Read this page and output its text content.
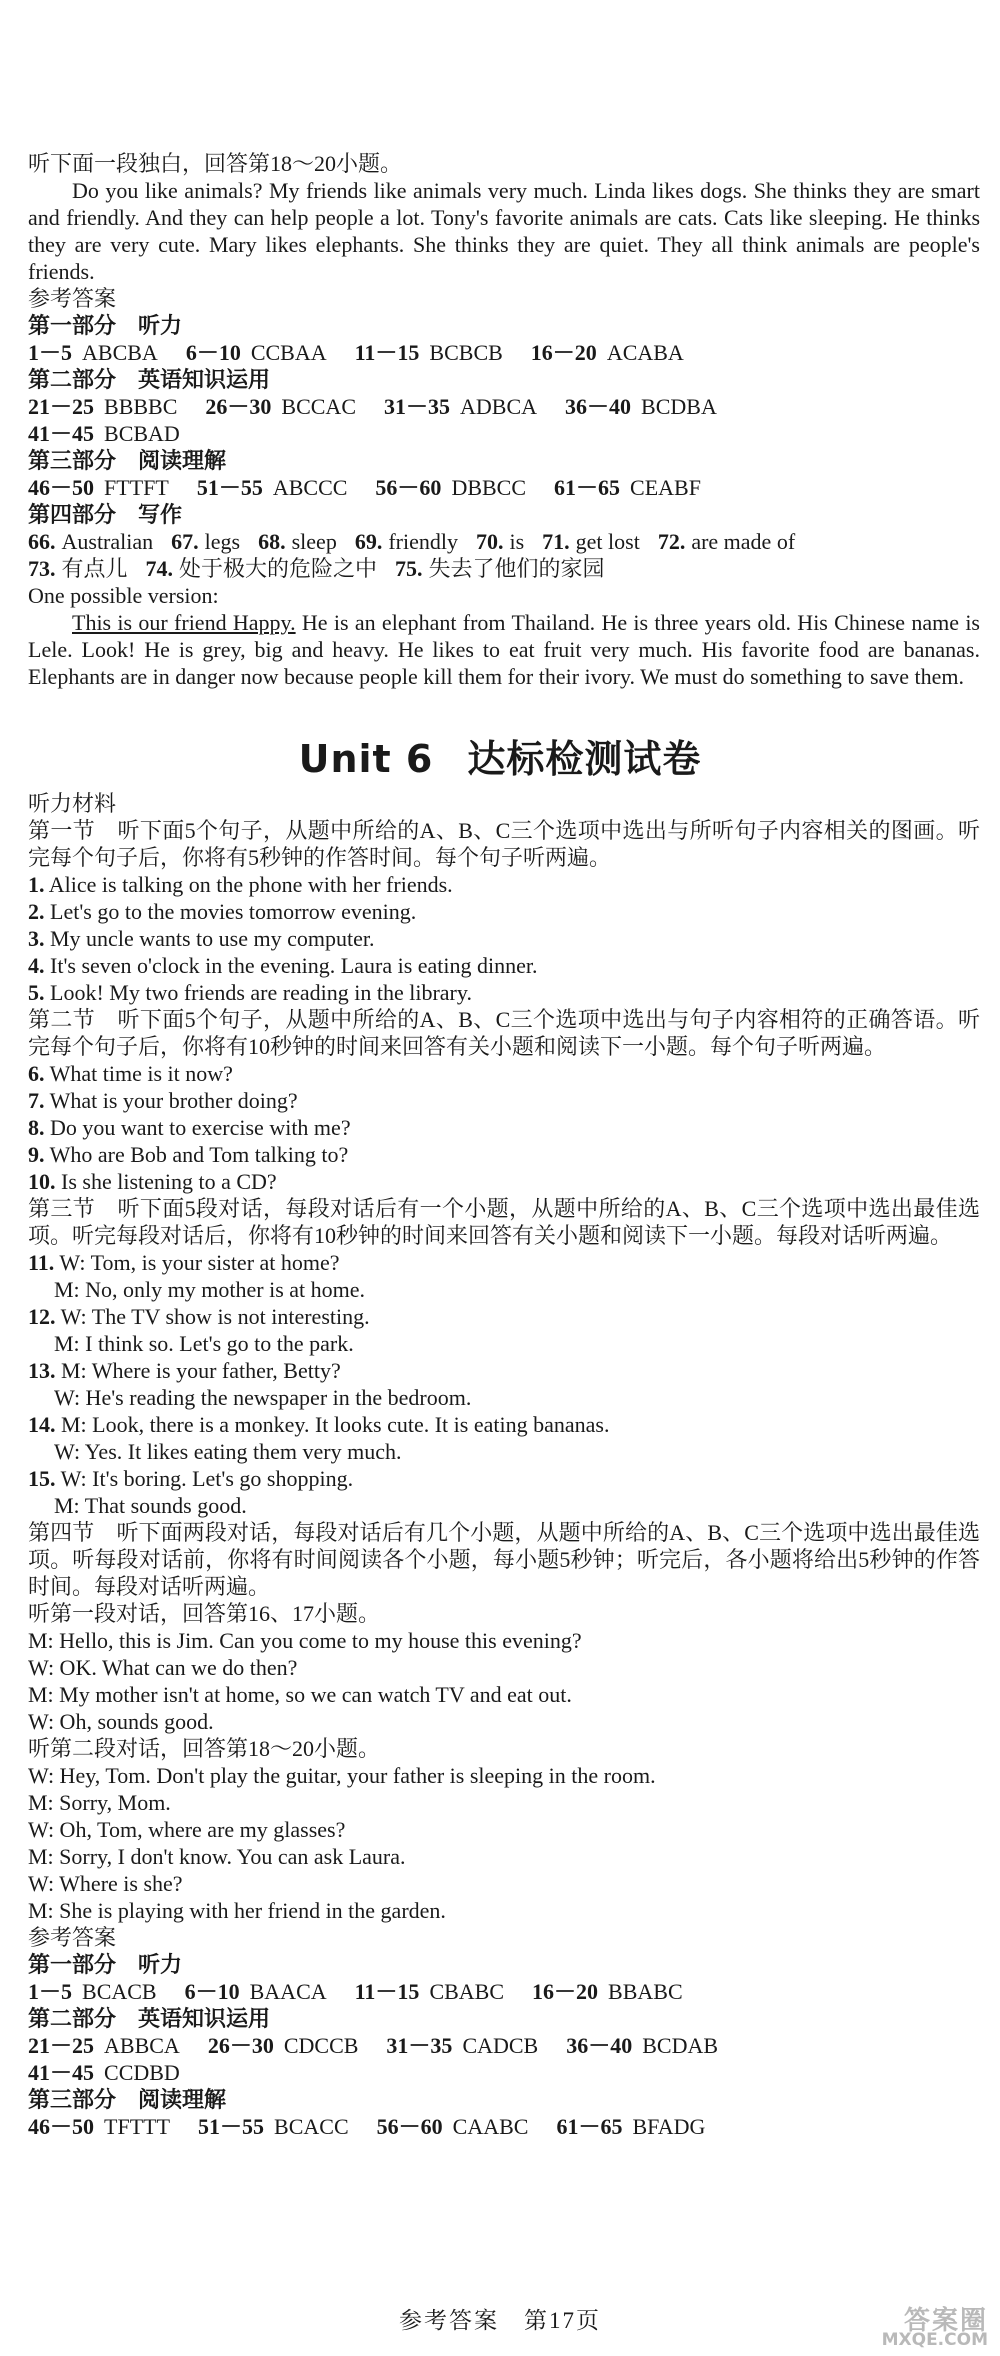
听下面一段独白，回答第18～20小题。
Do you like animals? My friends like animals very much. Linda likes dogs. She thinks they are smart and friendly. And they can help people a lot. Tony's favorite animals are cats. Cats like sleeping. He thinks they are very cute. Mary likes elephants. She thinks they are quiet. They all think animals are people's friends.
参考答案
第一部分　听力
1－5 ABCBA 6－10 CCBAA 11－15 BCBCB 16－20 ACABA
第二部分　英语知识运用
21－25 BBBBC 26－30 BCCAC 31－35 ADBCA 36－40 BCDBA
41－45 BCBAD
第三部分　阅读理解
46－50 FTTFT 51－55 ABCCC 56－60 DBBCC 61－65 CEABF
第四部分　写作
66. Australian 67. legs 68. sleep 69. friendly 70. is 71. get lost 72. are made of
73. 有点儿 74. 处于极大的危险之中 75. 失去了他们的家园
One possible version:
This is our friend Happy. He is an elephant from Thailand. He is three years old. His Chinese name is Lele. Look! He is grey, big and heavy. He likes to eat fruit very much. His favorite food are bananas. Elephants are in danger now because people kill them for their ivory. We must do something to save them.
Unit 6 达标检测试卷
听力材料
第一节　听下面5个句子，从题中所给的A、B、C三个选项中选出与所听句子内容相关的图画。听完每个句子后，你将有5秒钟的作答时间。每个句子听两遍。
1. Alice is talking on the phone with her friends.
2. Let's go to the movies tomorrow evening.
3. My uncle wants to use my computer.
4. It's seven o'clock in the evening. Laura is eating dinner.
5. Look! My two friends are reading in the library.
第二节　听下面5个句子，从题中所给的A、B、C三个选项中选出与句子内容相符的正确答语。听完每个句子后，你将有10秒钟的时间来回答有关小题和阅读下一小题。每个句子听两遍。
6. What time is it now?
7. What is your brother doing?
8. Do you want to exercise with me?
9. Who are Bob and Tom talking to?
10. Is she listening to a CD?
第三节　听下面5段对话，每段对话后有一个小题，从题中所给的A、B、C三个选项中选出最佳选项。听完每段对话后，你将有10秒钟的时间来回答有关小题和阅读下一小题。每段对话听两遍。
11. W: Tom, is your sister at home?
M: No, only my mother is at home.
12. W: The TV show is not interesting.
M: I think so. Let's go to the park.
13. M: Where is your father, Betty?
W: He's reading the newspaper in the bedroom.
14. M: Look, there is a monkey. It looks cute. It is eating bananas.
W: Yes. It likes eating them very much.
15. W: It's boring. Let's go shopping.
M: That sounds good.
第四节　听下面两段对话，每段对话后有几个小题，从题中所给的A、B、C三个选项中选出最佳选项。听每段对话前，你将有时间阅读各个小题，每小题5秒钟；听完后，各小题将给出5秒钟的作答时间。每段对话听两遍。
听第一段对话，回答第16、17小题。
M: Hello, this is Jim. Can you come to my house this evening?
W: OK. What can we do then?
M: My mother isn't at home, so we can watch TV and eat out.
W: Oh, sounds good.
听第二段对话，回答第18～20小题。
W: Hey, Tom. Don't play the guitar, your father is sleeping in the room.
M: Sorry, Mom.
W: Oh, Tom, where are my glasses?
M: Sorry, I don't know. You can ask Laura.
W: Where is she?
M: She is playing with her friend in the garden.
参考答案
第一部分　听力
1－5 BCACB 6－10 BAACA 11－15 CBABC 16－20 BBABC
第二部分　英语知识运用
21－25 ABBCA 26－30 CDCCB 31－35 CADCB 36－40 BCDAB
41－45 CCDBD
第三部分　阅读理解
46－50 TFTTT 51－55 BCACC 56－60 CAABC 61－65 BFADG
参考答案　第17页	答案圈
MXQE.COM
